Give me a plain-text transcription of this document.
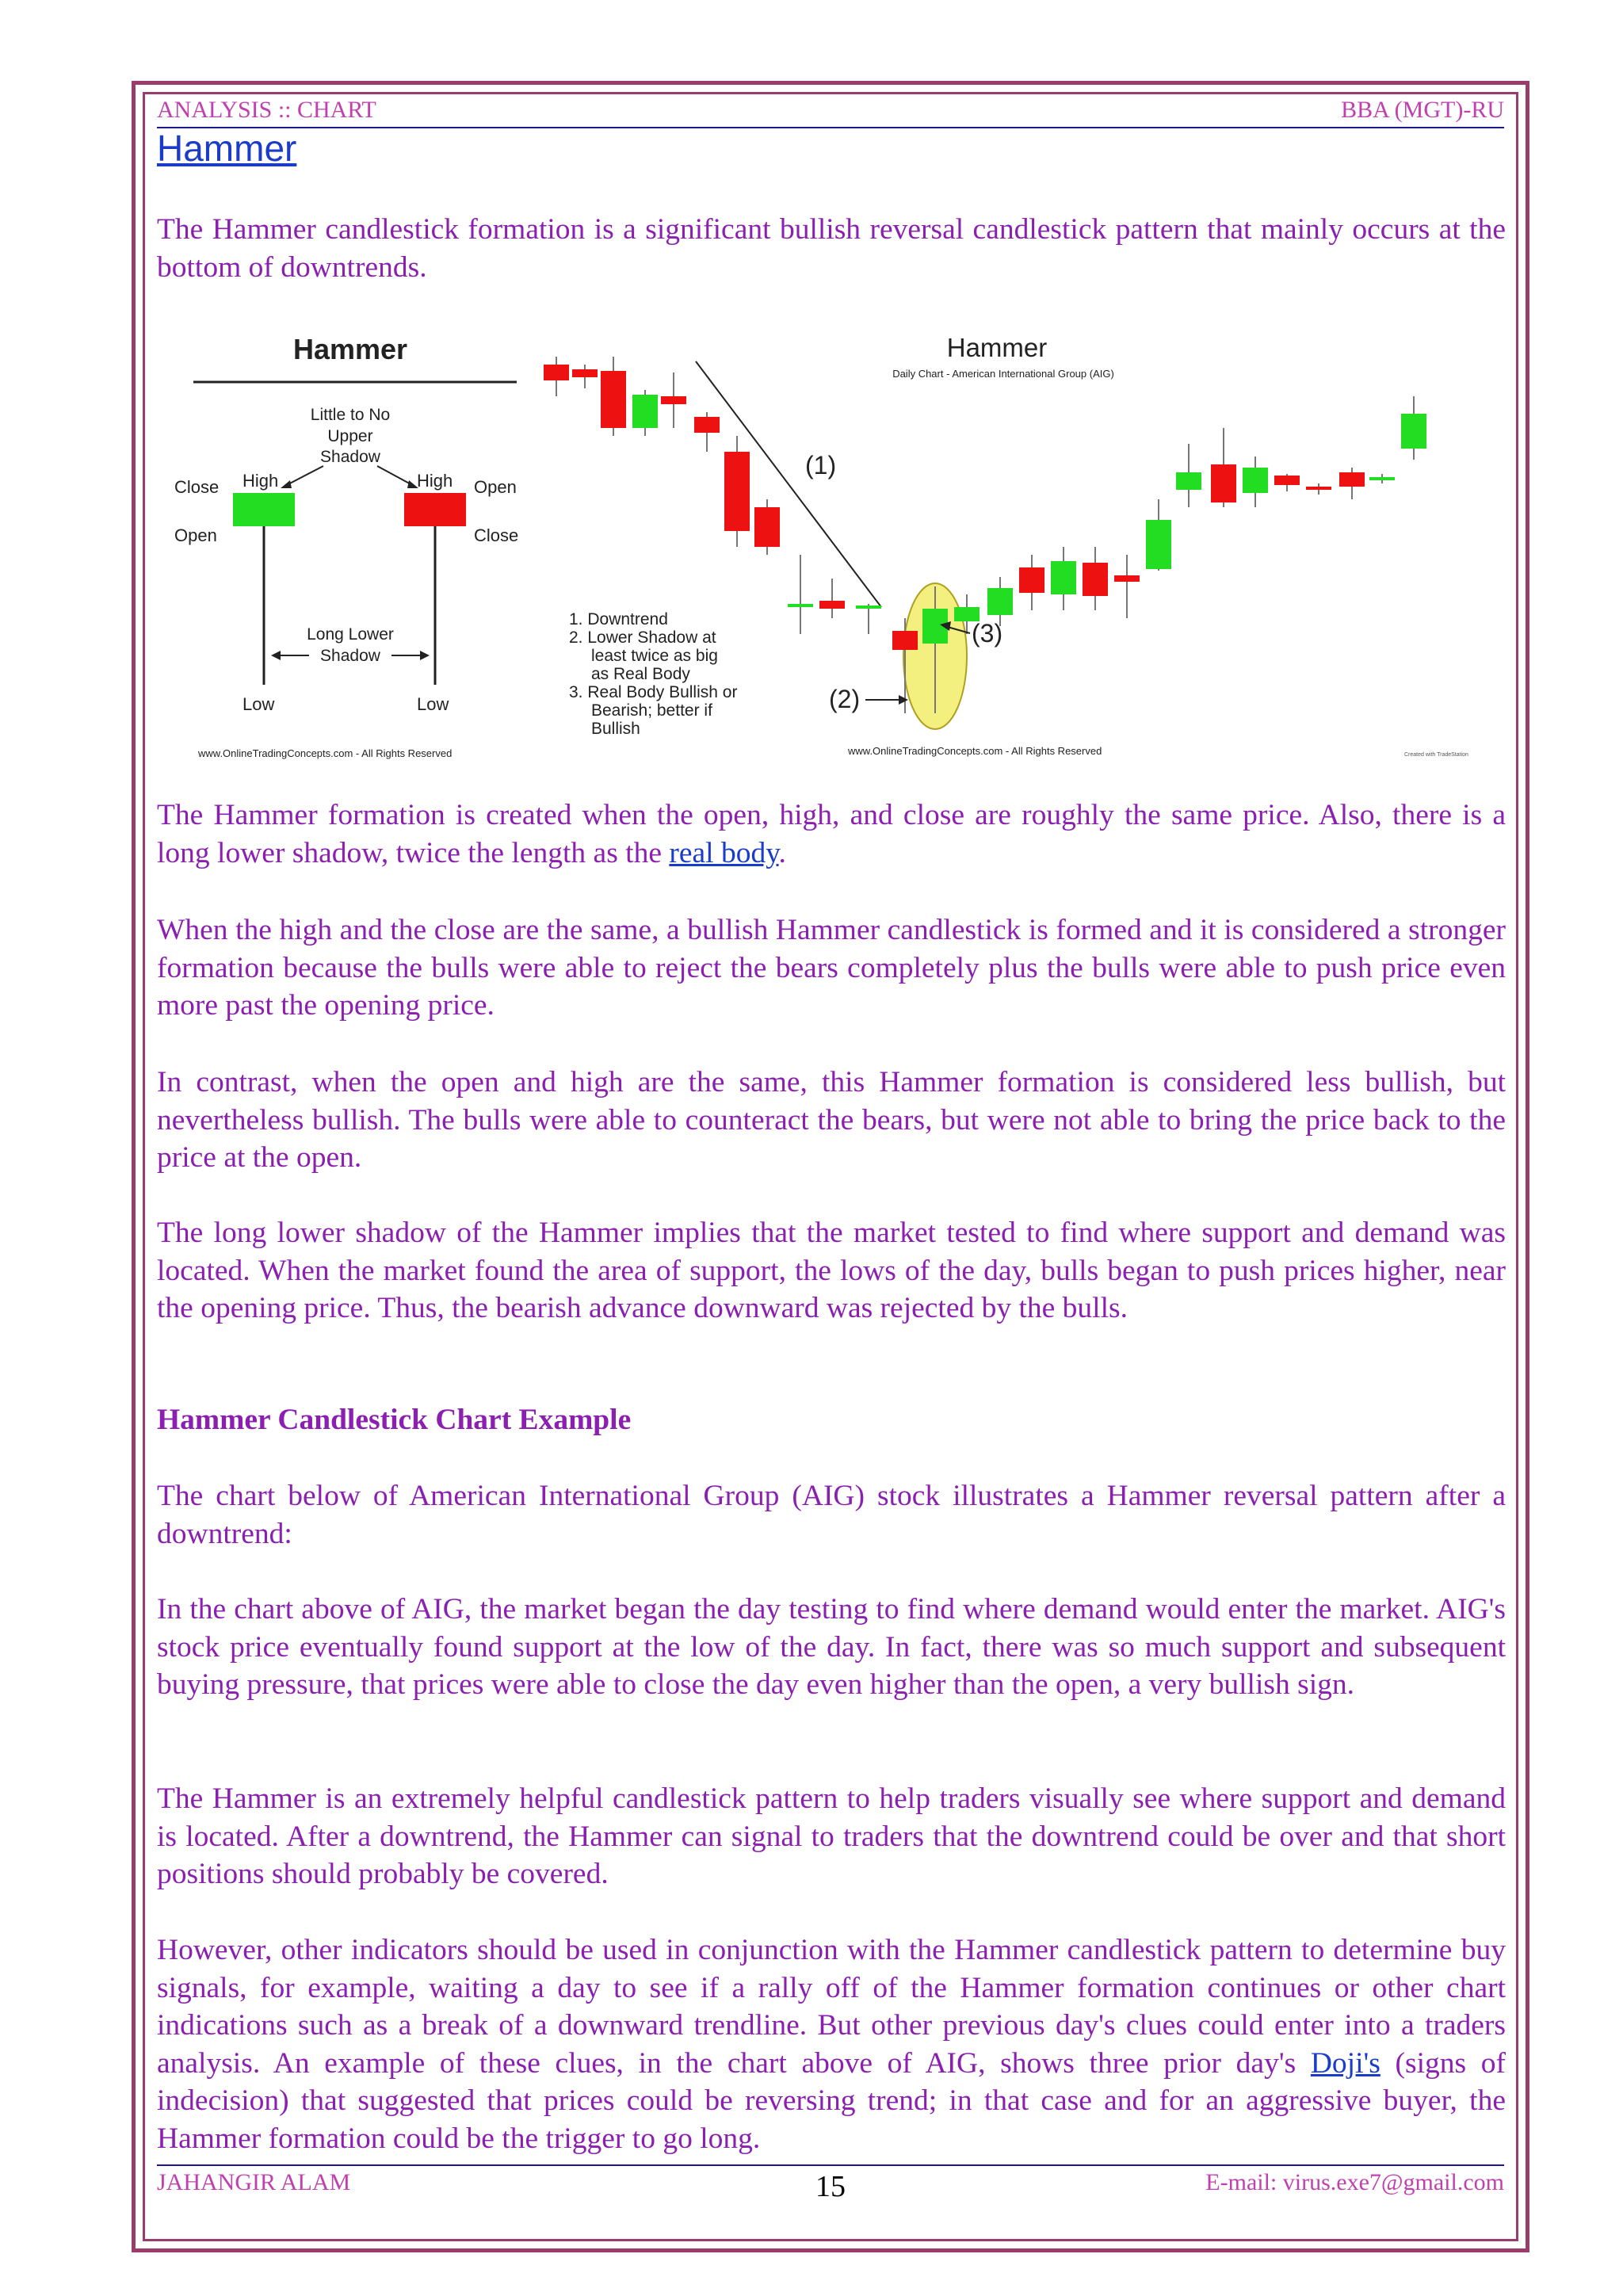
ANALYSIS :: CHART	BBA (MGT)-RU
Hammer

The Hammer candlestick formation is a significant bullish reversal candlestick pattern that mainly occurs at the bottom of downtrends.

Hammer
Little to No
Upper
Shadow
Close
Open
High
Low
High Open
Close
Low
Long Lower
Shadow
www.OnlineTradingConcepts.com - All Rights Reserved
Hammer
Daily Chart - American International Group (AIG)
(1)
(3)
(2)
1. Downtrend
2. Lower Shadow at
least twice as big
as Real Body
3. Real Body Bullish or
Bearish; better if
Bullish
www.OnlineTradingConcepts.com - All Rights Reserved	Created with TradeStation

The Hammer formation is created when the open, high, and close are roughly the same price. Also, there is a long lower shadow, twice the length as the real body.

When the high and the close are the same, a bullish Hammer candlestick is formed and it is considered a stronger formation because the bulls were able to reject the bears completely plus the bulls were able to push price even more past the opening price.

In contrast, when the open and high are the same, this Hammer formation is considered less bullish, but nevertheless bullish. The bulls were able to counteract the bears, but were not able to bring the price back to the price at the open.

The long lower shadow of the Hammer implies that the market tested to find where support and demand was located. When the market found the area of support, the lows of the day, bulls began to push prices higher, near the opening price. Thus, the bearish advance downward was rejected by the bulls.

Hammer Candlestick Chart Example

The chart below of American International Group (AIG) stock illustrates a Hammer reversal pattern after a downtrend:

In the chart above of AIG, the market began the day testing to find where demand would enter the market. AIG's stock price eventually found support at the low of the day. In fact, there was so much support and subsequent buying pressure, that prices were able to close the day even higher than the open, a very bullish sign.

The Hammer is an extremely helpful candlestick pattern to help traders visually see where support and demand is located. After a downtrend, the Hammer can signal to traders that the downtrend could be over and that short positions should probably be covered.

However, other indicators should be used in conjunction with the Hammer candlestick pattern to determine buy signals, for example, waiting a day to see if a rally off of the Hammer formation continues or other chart indications such as a break of a downward trendline. But other previous day's clues could enter into a traders analysis. An example of these clues, in the chart above of AIG, shows three prior day's Doji's (signs of indecision) that suggested that prices could be reversing trend; in that case and for an aggressive buyer, the Hammer formation could be the trigger to go long.

JAHANGIR ALAM	15	E-mail: virus.exe7@gmail.com
